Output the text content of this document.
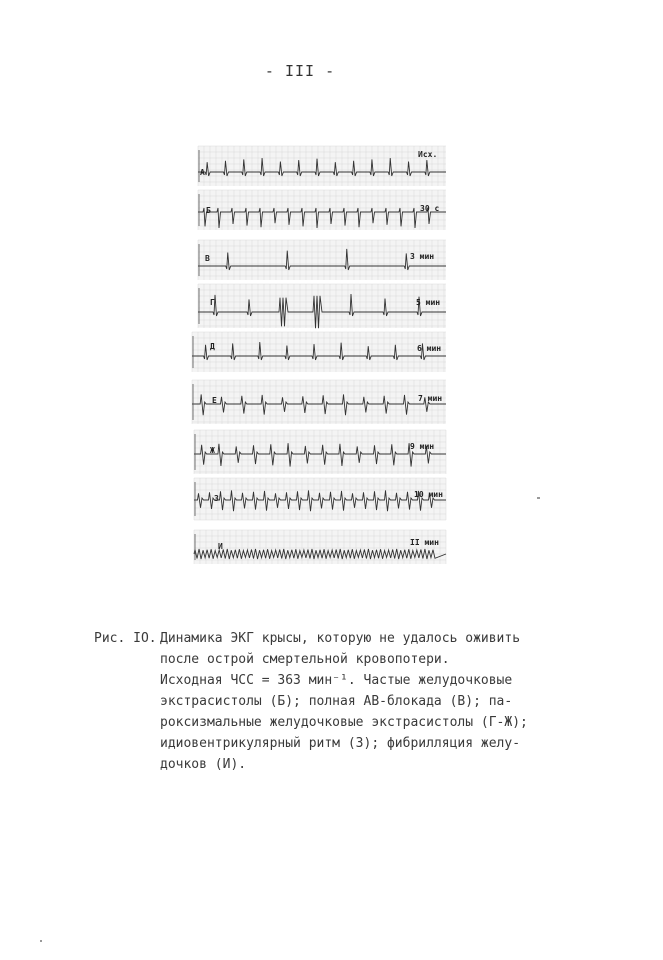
- III -
А
Исх.
Б	30 с
В	3 мин
Г	5 мин
Д	6 мин
Е	7 мин
Ж	9 мин
З	10 мин
И	II мин
Рис. IO. Динамика ЭКГ крысы, которую не удалось оживить
после острой смертельной кровопотери.
Исходная ЧСС = 363 мин⁻¹. Частые желудочковые
экстрасистолы (Б); полная АВ-блокада (В); па-
роксизмальные желудочковые экстрасистолы (Г-Ж);
идиовентрикулярный ритм (З); фибрилляция желу-
дочков (И).
